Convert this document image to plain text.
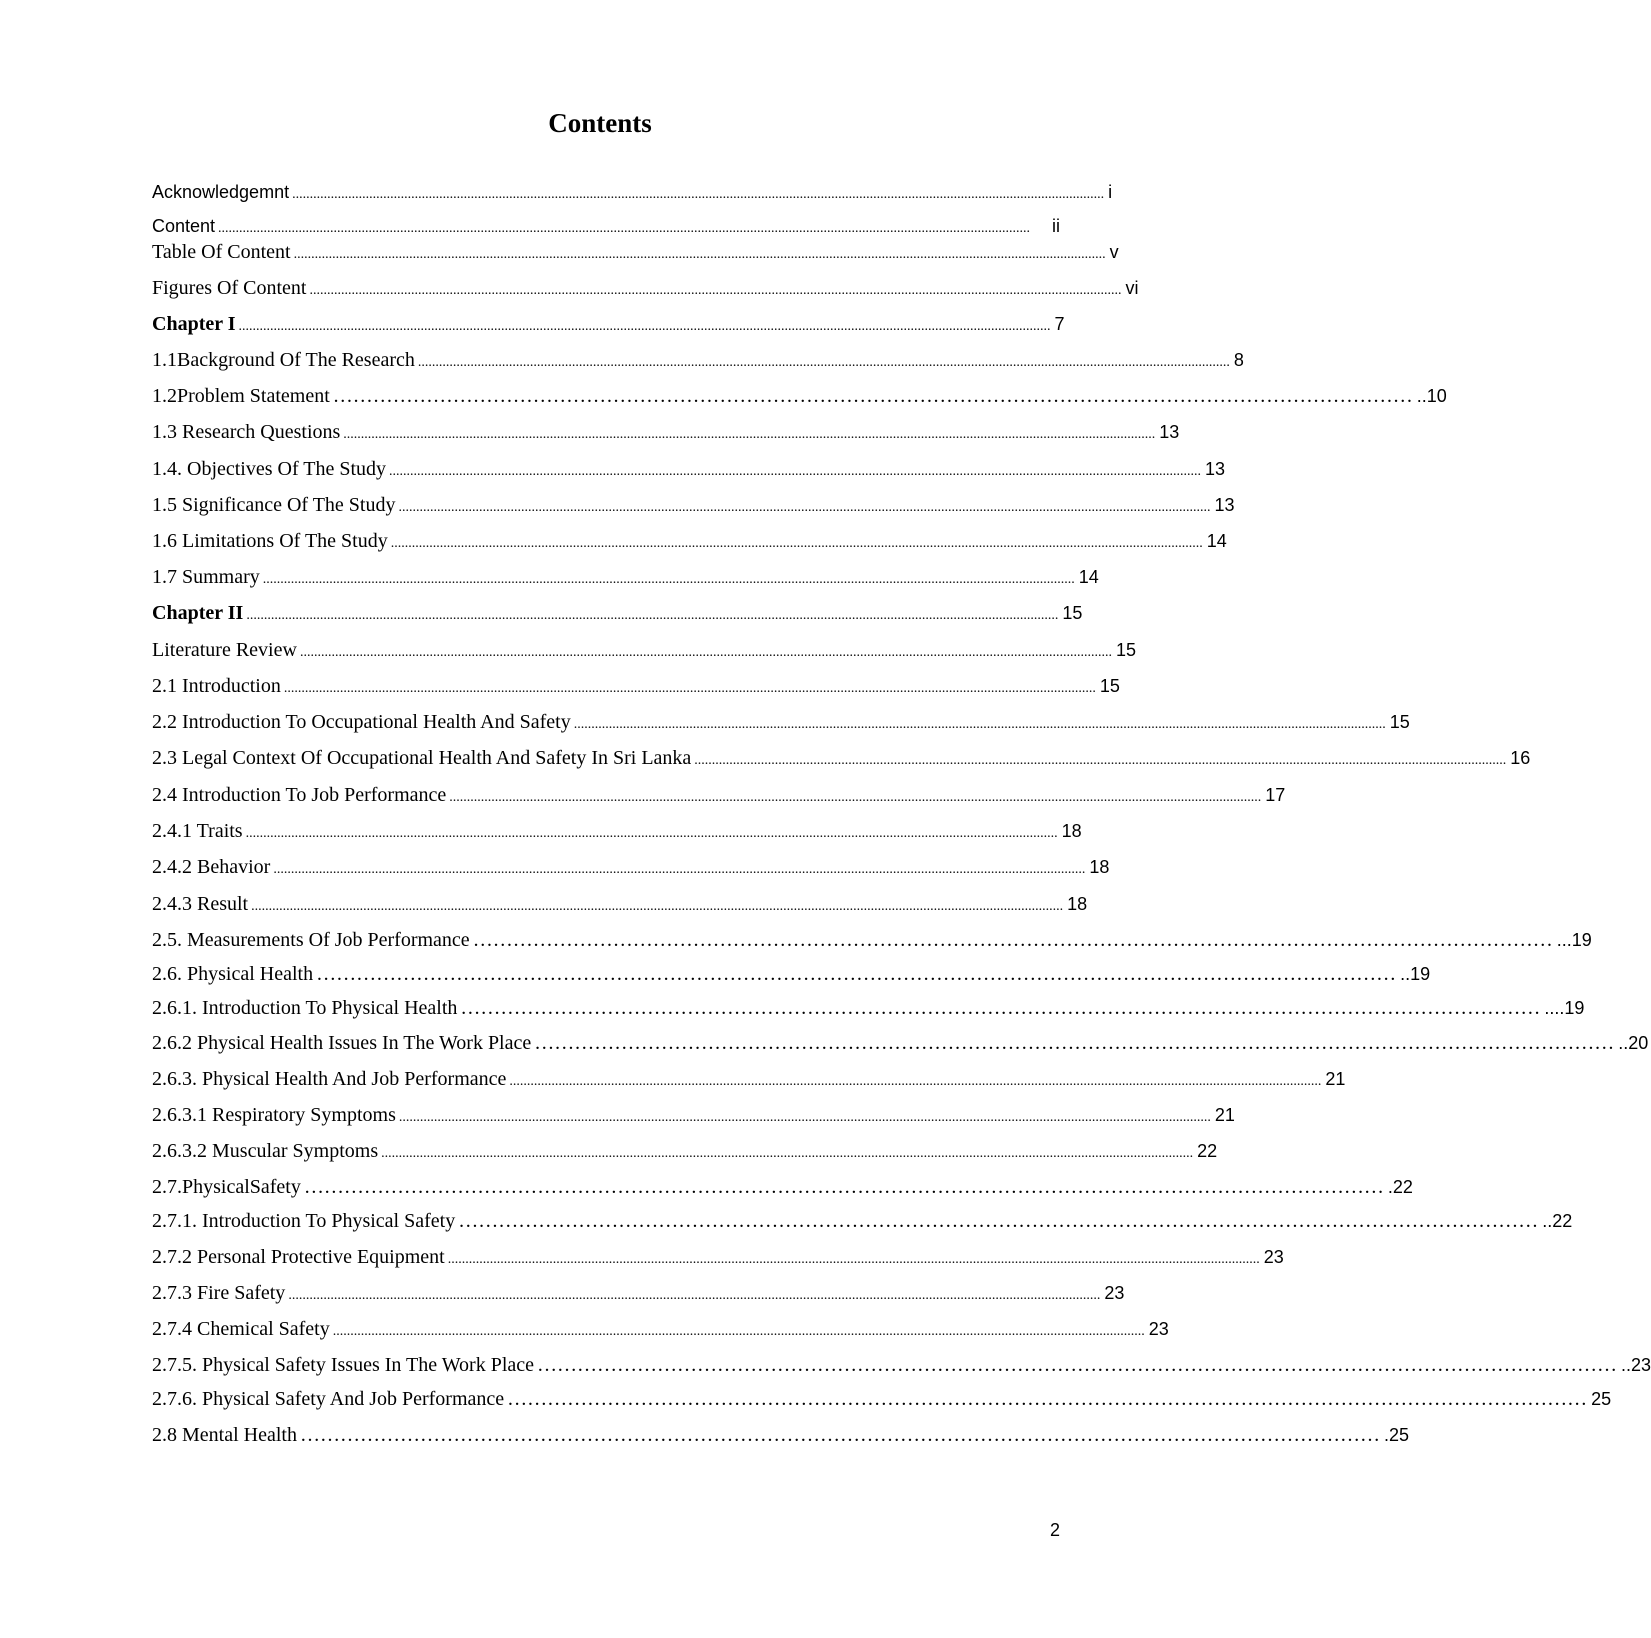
Contents
Acknowledgemnt ........................................................................................................................................................................................................................................ i
Content ........................................................................................................................................................................................................................................	ii
Table Of Content ........................................................................................................................................................................................................................................ v
Figures Of Content ........................................................................................................................................................................................................................................ vi
Chapter I ........................................................................................................................................................................................................................................ 7
1.1Background Of The Research ........................................................................................................................................................................................................................................ 8
1.2Problem Statement ……………………………………………………………………………………………………………………………………………… ..10
1.3 Research Questions ........................................................................................................................................................................................................................................ 13
1.4. Objectives Of The Study ........................................................................................................................................................................................................................................ 13
1.5 Significance Of The Study ........................................................................................................................................................................................................................................ 13
1.6 Limitations Of The Study ........................................................................................................................................................................................................................................ 14
1.7 Summary ........................................................................................................................................................................................................................................ 14
Chapter II ........................................................................................................................................................................................................................................ 15
Literature Review ........................................................................................................................................................................................................................................ 15
2.1 Introduction ........................................................................................................................................................................................................................................ 15
2.2 Introduction To Occupational Health And Safety ........................................................................................................................................................................................................................................ 15
2.3 Legal Context Of Occupational Health And Safety In Sri Lanka ........................................................................................................................................................................................................................................ 16
2.4 Introduction To Job Performance ........................................................................................................................................................................................................................................ 17
2.4.1 Traits ........................................................................................................................................................................................................................................ 18
2.4.2 Behavior ........................................................................................................................................................................................................................................ 18
2.4.3 Result ........................................................................................................................................................................................................................................ 18
2.5. Measurements Of Job Performance ……………………………………………………………………………………………………………………………………………… ...19
2.6. Physical Health ……………………………………………………………………………………………………………………………………………… ..19
2.6.1. Introduction To Physical Health ……………………………………………………………………………………………………………………………………………… ....19
2.6.2 Physical Health Issues In The Work Place ……………………………………………………………………………………………………………………………………………… ..20
2.6.3. Physical Health And Job Performance ........................................................................................................................................................................................................................................ 21
2.6.3.1 Respiratory Symptoms ........................................................................................................................................................................................................................................ 21
2.6.3.2 Muscular Symptoms ........................................................................................................................................................................................................................................ 22
2.7.PhysicalSafety ……………………………………………………………………………………………………………………………………………… .22
2.7.1. Introduction To Physical Safety ……………………………………………………………………………………………………………………………………………… ..22
2.7.2 Personal Protective Equipment ........................................................................................................................................................................................................................................ 23
2.7.3 Fire Safety ........................................................................................................................................................................................................................................ 23
2.7.4 Chemical Safety ........................................................................................................................................................................................................................................ 23
2.7.5. Physical Safety Issues In The Work Place ……………………………………………………………………………………………………………………………………………… ..23
2.7.6. Physical Safety And Job Performance ……………………………………………………………………………………………………………………………………………… 25
2.8 Mental Health ……………………………………………………………………………………………………………………………………………… .25
2
